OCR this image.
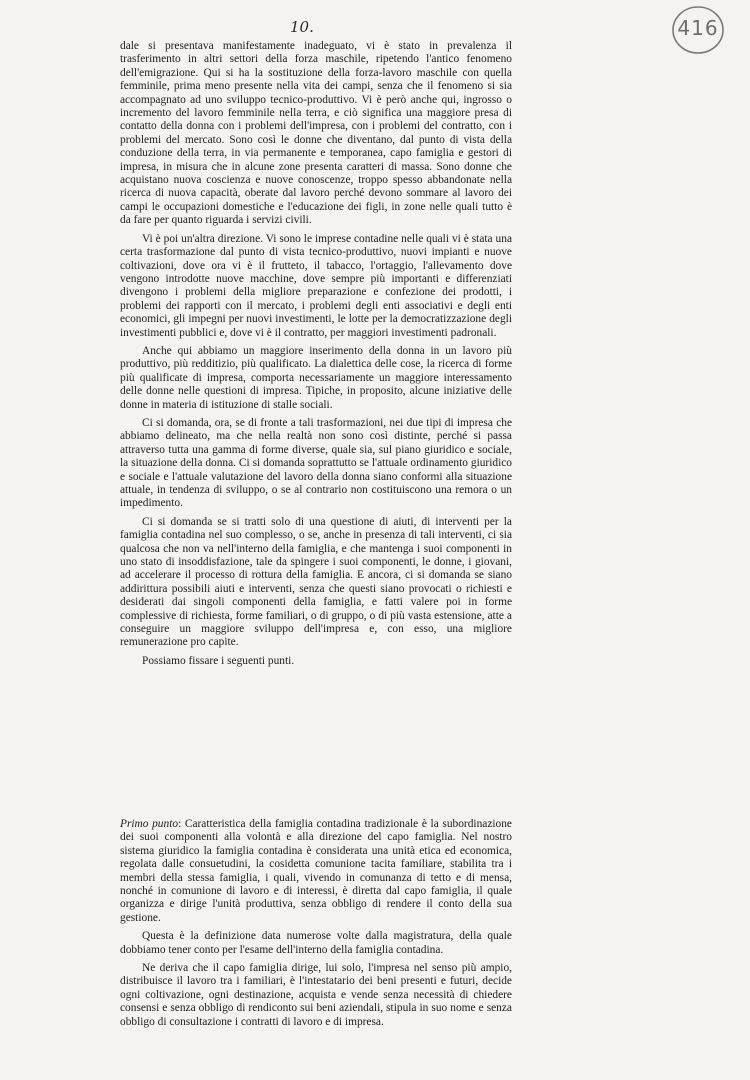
10.	416

dale si presentava manifestamente inadeguato, vi è stato in prevalenza il trasferimento in altri settori della forza maschile, ripetendo l'antico fenomeno dell'emigrazione. Qui si ha la sostituzione della forza-lavoro maschile con quella femminile, prima meno presente nella vita dei campi, senza che il fenomeno si sia accompagnato ad uno sviluppo tecnico-produttivo. Vi è però anche qui, ingrosso o incremento del lavoro femminile nella terra, e ciò significa una maggiore presa di contatto della donna con i problemi dell'impresa, con i problemi del contratto, con i problemi del mercato. Sono così le donne che diventano, dal punto di vista della conduzione della terra, in via permanente e temporanea, capo famiglia e gestori di impresa, in misura che in alcune zone presenta caratteri di massa. Sono donne che acquistano nuova coscienza e nuove conoscenze, troppo spesso abbandonate nella ricerca di nuova capacità, oberate dal lavoro perché devono sommare al lavoro dei campi le occupazioni domestiche e l'educazione dei figli, in zone nelle quali tutto è da fare per quanto riguarda i servizi civili.

Vi è poi un'altra direzione. Vi sono le imprese contadine nelle quali vi è stata una certa trasformazione dal punto di vista tecnico-produttivo, nuovi impianti e nuove coltivazioni, dove ora vi è il frutteto, il tabacco, l'ortaggio, l'allevamento dove vengono introdotte nuove macchine, dove sempre più importanti e differenziati divengono i problemi della migliore preparazione e confezione dei prodotti, i problemi dei rapporti con il mercato, i problemi degli enti associativi e degli enti economici, gli impegni per nuovi investimenti, le lotte per la democratizzazione degli investimenti pubblici e, dove vi è il contratto, per maggiori investimenti padronali.

Anche qui abbiamo un maggiore inserimento della donna in un lavoro più produttivo, più redditizio, più qualificato. La dialettica delle cose, la ricerca di forme più qualificate di impresa, comporta necessariamente un maggiore interessamento delle donne nelle questioni di impresa. Tipiche, in proposito, alcune iniziative delle donne in materia di istituzione di stalle sociali.

Ci si domanda, ora, se di fronte a tali trasformazioni, nei due tipi di impresa che abbiamo delineato, ma che nella realtà non sono così distinte, perché si passa attraverso tutta una gamma di forme diverse, quale sia, sul piano giuridico e sociale, la situazione della donna. Ci si domanda soprattutto se l'attuale ordinamento giuridico e sociale e l'attuale valutazione del lavoro della donna siano conformi alla situazione attuale, in tendenza di sviluppo, o se al contrario non costituiscono una remora o un impedimento.

Ci si domanda se si tratti solo di una questione di aiuti, di interventi per la famiglia contadina nel suo complesso, o se, anche in presenza di tali interventi, ci sia qualcosa che non va nell'interno della famiglia, e che mantenga i suoi componenti in uno stato di insoddisfazione, tale da spingere i suoi componenti, le donne, i giovani, ad accelerare il processo di rottura della famiglia. E ancora, ci si domanda se siano addirittura possibili aiuti e interventi, senza che questi siano provocati o richiesti e desiderati dai singoli componenti della famiglia, e fatti valere poi in forme complessive di richiesta, forme familiari, o di gruppo, o di più vasta estensione, atte a conseguire un maggiore sviluppo dell'impresa e, con esso, una migliore remunerazione pro capite.

Possiamo fissare i seguenti punti.

Primo punto: Caratteristica della famiglia contadina tradizionale è la subordinazione dei suoi componenti alla volontà e alla direzione del capo famiglia. Nel nostro sistema giuridico la famiglia contadina è considerata una unità etica ed economica, regolata dalle consuetudini, la cosidetta comunione tacita familiare, stabilita tra i membri della stessa famiglia, i quali, vivendo in comunanza di tetto e di mensa, nonché in comunione di lavoro e di interessi, è diretta dal capo famiglia, il quale organizza e dirige l'unità produttiva, senza obbligo di rendere il conto della sua gestione.

Questa è la definizione data numerose volte dalla magistratura, della quale dobbiamo tener conto per l'esame dell'interno della famiglia contadina.

Ne deriva che il capo famiglia dirige, lui solo, l'impresa nel senso più ampio, distribuisce il lavoro tra i familiari, è l'intestatario dei beni presenti e futuri, decide ogni coltivazione, ogni destinazione, acquista e vende senza necessità di chiedere consensi e senza obbligo di rendiconto sui beni aziendali, stipula in suo nome e senza obbligo di consultazione i contratti di lavoro e di impresa.
